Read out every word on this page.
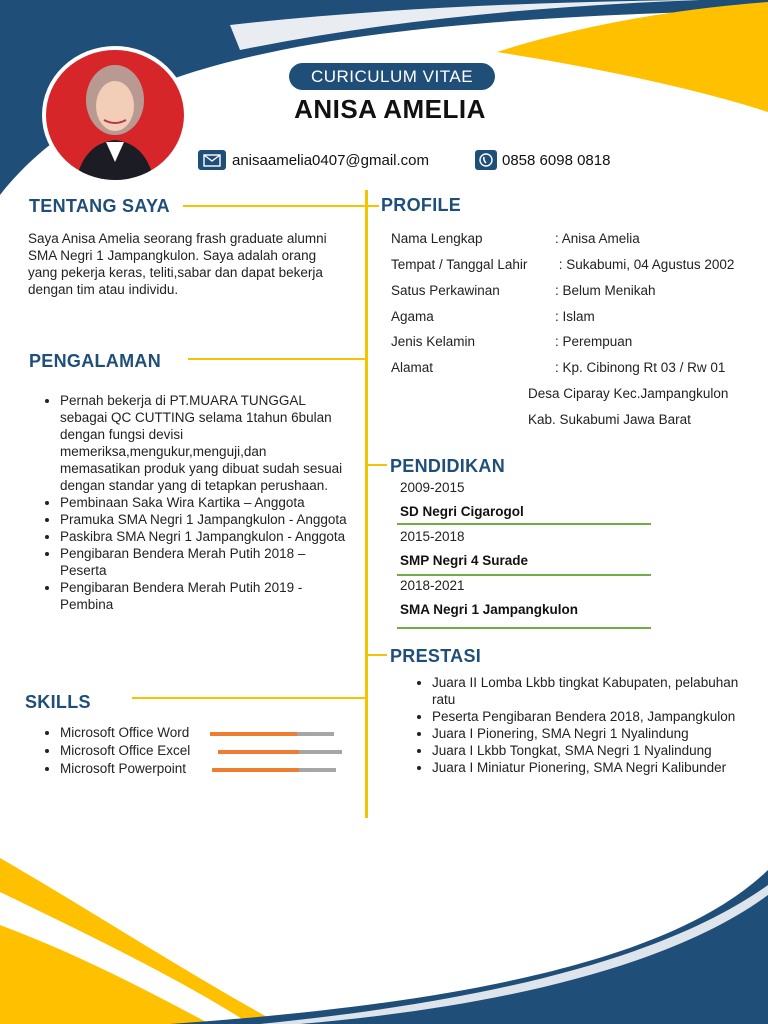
CURICULUM VITAE
ANISA AMELIA
anisaamelia0407@gmail.com	0858 6098 0818
TENTANG SAYA
Saya Anisa Amelia seorang frash graduate alumni SMA Negri 1 Jampangkulon. Saya adalah orang yang pekerja keras, teliti,sabar dan dapat bekerja dengan tim atau individu.
PENGALAMAN
• Pernah bekerja di PT.MUARA TUNGGAL sebagai QC CUTTING selama 1tahun 6bulan dengan fungsi devisi memeriksa,mengukur,menguji,dan memasatikan produk yang dibuat sudah sesuai dengan standar yang di tetapkan perushaan.
• Pembinaan Saka Wira Kartika – Anggota
• Pramuka SMA Negri 1 Jampangkulon - Anggota
• Paskibra SMA Negri 1 Jampangkulon - Anggota
• Pengibaran Bendera Merah Putih 2018 – Peserta
• Pengibaran Bendera Merah Putih 2019 - Pembina
SKILLS
• Microsoft Office Word
• Microsoft Office Excel
• Microsoft Powerpoint
PROFILE
Nama Lengkap	: Anisa Amelia
Tempat / Tanggal Lahir : Sukabumi, 04 Agustus 2002
Satus Perkawinan	: Belum Menikah
Agama	: Islam
Jenis Kelamin	: Perempuan
Alamat	: Kp. Cibinong Rt 03 / Rw 01
Desa Ciparay Kec.Jampangkulon
Kab. Sukabumi Jawa Barat
PENDIDIKAN
2009-2015
SD Negri Cigarogol
2015-2018
SMP Negri 4 Surade
2018-2021
SMA Negri 1 Jampangkulon
PRESTASI
• Juara II Lomba Lkbb tingkat Kabupaten, pelabuhan ratu
• Peserta Pengibaran Bendera 2018, Jampangkulon
• Juara I Pionering, SMA Negri 1 Nyalindung
• Juara I Lkbb Tongkat, SMA Negri 1 Nyalindung
• Juara I Miniatur Pionering, SMA Negri Kalibunder
